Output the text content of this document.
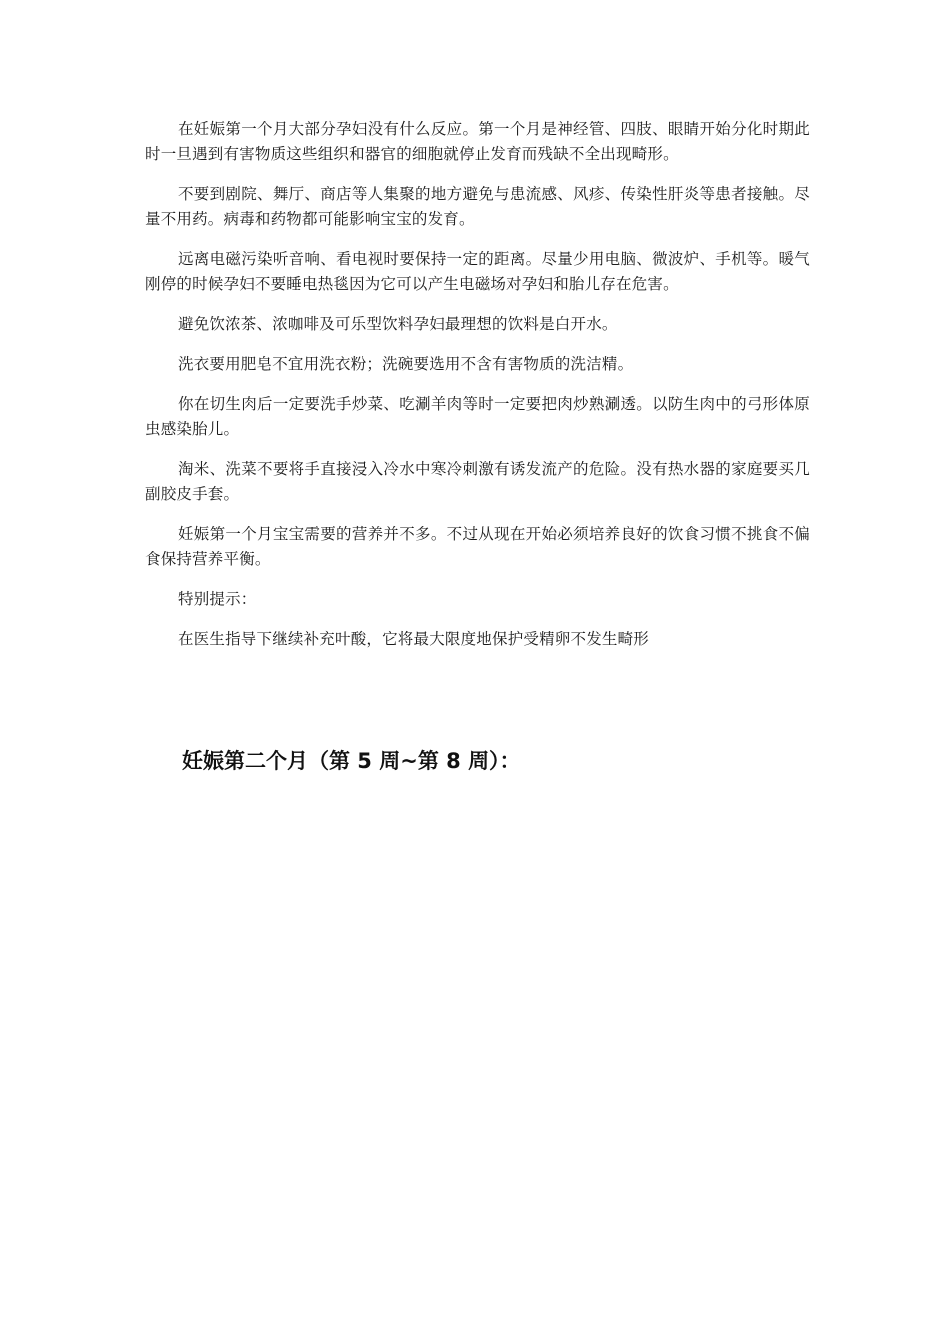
在妊娠第一个月大部分孕妇没有什么反应。第一个月是神经管、四肢、眼睛开始分化时期此时一旦遇到有害物质这些组织和器官的细胞就停止发育而残缺不全出现畸形。

不要到剧院、舞厅、商店等人集聚的地方避免与患流感、风疹、传染性肝炎等患者接触。尽量不用药。病毒和药物都可能影响宝宝的发育。

远离电磁污染听音响、看电视时要保持一定的距离。尽量少用电脑、微波炉、手机等。暖气刚停的时候孕妇不要睡电热毯因为它可以产生电磁场对孕妇和胎儿存在危害。

避免饮浓茶、浓咖啡及可乐型饮料孕妇最理想的饮料是白开水。

洗衣要用肥皂不宜用洗衣粉；洗碗要选用不含有害物质的洗洁精。

你在切生肉后一定要洗手炒菜、吃涮羊肉等时一定要把肉炒熟涮透。以防生肉中的弓形体原虫感染胎儿。

淘米、洗菜不要将手直接浸入冷水中寒冷刺激有诱发流产的危险。没有热水器的家庭要买几副胶皮手套。

妊娠第一个月宝宝需要的营养并不多。不过从现在开始必须培养良好的饮食习惯不挑食不偏食保持营养平衡。

特别提示：

在医生指导下继续补充叶酸，它将最大限度地保护受精卵不发生畸形

妊娠第二个月（第 5 周~第 8 周）：
